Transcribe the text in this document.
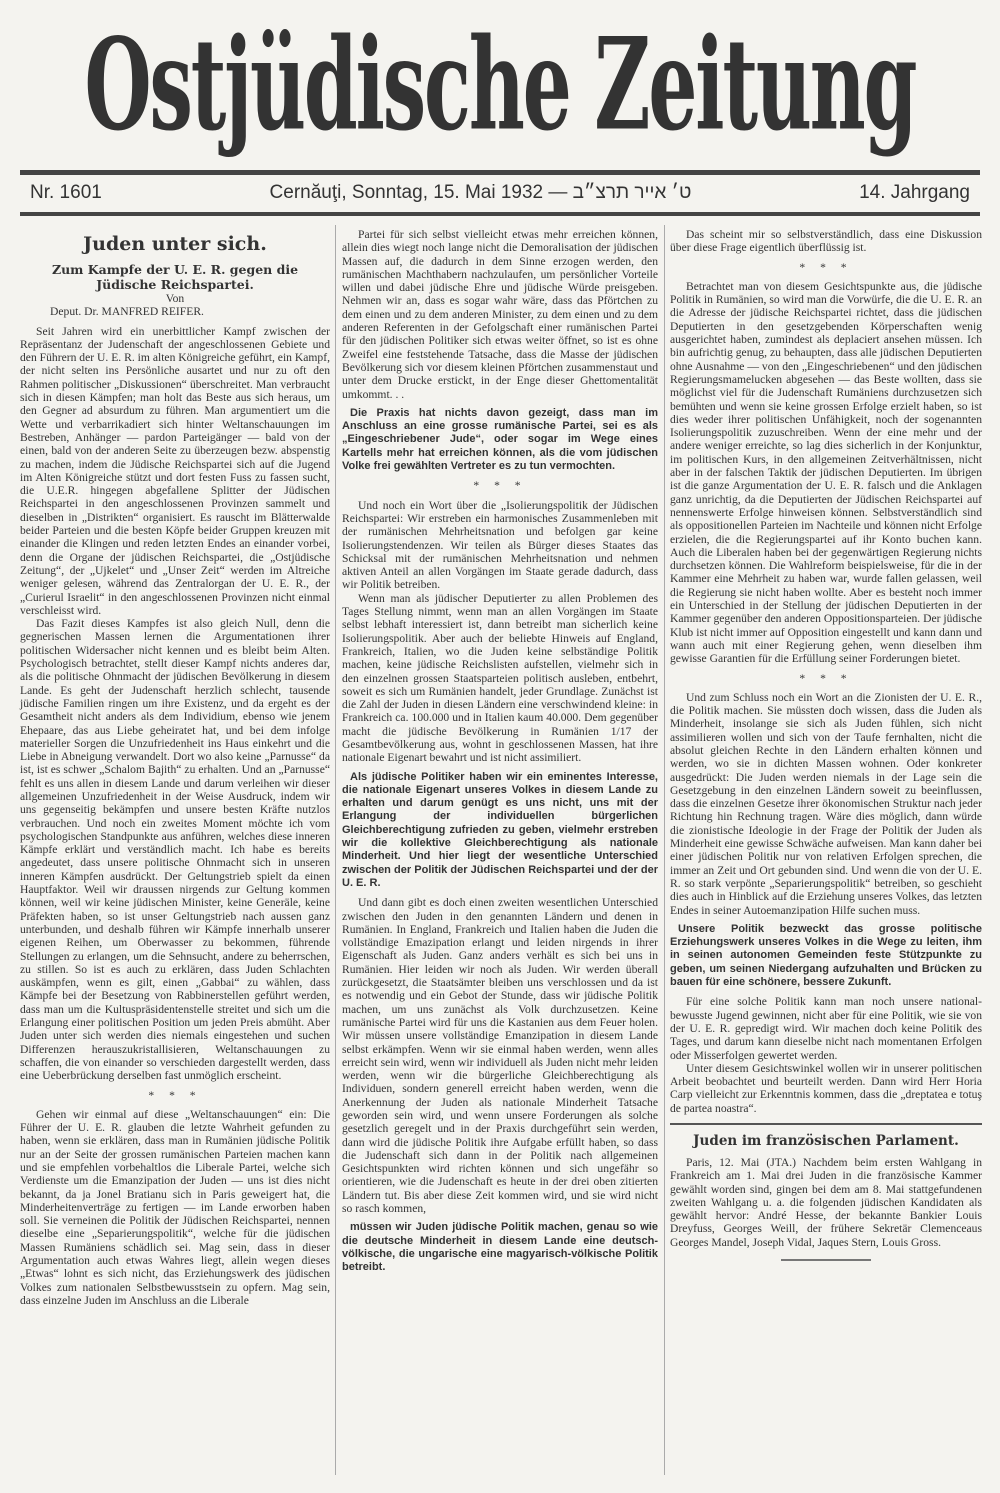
Ostjüdische Zeitung
Nr. 1601	Cernăuţi, Sonntag, 15. Mai 1932 — ט׳ אייר תרצ״ב	14. Jahrgang

Juden unter sich.

Zum Kampfe der U. E. R. gegen die Jüdische Reichspartei.

Von

Deput. Dr. MANFRED REIFER.

Seit Jahren wird ein unerbittlicher Kampf zwischen der Repräsentanz der Judenschaft der angeschlossenen Gebiete und den Führern der U. E. R. im alten Königreiche geführt, ein Kampf, der nicht selten ins Persönliche ausartet und nur zu oft den Rahmen politischer „Diskussionen“ überschreitet. Man verbraucht sich in diesen Kämpfen; man holt das Beste aus sich heraus, um den Gegner ad absurdum zu führen. Man argumentiert um die Wette und verbarrikadiert sich hinter Weltanschauungen im Bestreben, Anhänger — pardon Parteigänger — bald von der einen, bald von der anderen Seite zu überzeugen bezw. abspenstig zu machen, indem die Jüdische Reichspartei sich auf die Jugend im Alten Königreiche stützt und dort festen Fuss zu fassen sucht, die U.E.R. hingegen abgefallene Splitter der Jüdischen Reichspartei in den angeschlossenen Provinzen sammelt und dieselben in „Distrikten“ organisiert. Es rauscht im Blätterwalde beider Parteien und die besten Köpfe beider Gruppen kreuzen mit einander die Klingen und reden letzten Endes an einander vorbei, denn die Organe der jüdischen Reichspartei, die „Ostjüdische Zeitung“, der „Ujkelet“ und „Unser Zeit“ werden im Altreiche weniger gelesen, während das Zentralorgan der U. E. R., der „Curierul Israelit“ in den angeschlossenen Provinzen nicht einmal verschleisst wird.

Das Fazit dieses Kampfes ist also gleich Null, denn die gegnerischen Massen lernen die Argumentationen ihrer politischen Widersacher nicht kennen und es bleibt beim Alten. Psychologisch betrachtet, stellt dieser Kampf nichts anderes dar, als die politische Ohnmacht der jüdischen Bevölkerung in diesem Lande. Es geht der Judenschaft herzlich schlecht, tausende jüdische Familien ringen um ihre Existenz, und da ergeht es der Gesamtheit nicht anders als dem Individium, ebenso wie jenem Ehepaare, das aus Liebe geheiratet hat, und bei dem infolge materieller Sorgen die Unzufriedenheit ins Haus einkehrt und die Liebe in Abneigung verwandelt. Dort wo also keine „Parnusse“ da ist, ist es schwer „Schalom Bajith“ zu erhalten. Und an „Parnusse“ fehlt es uns allen in diesem Lande und darum verleihen wir dieser allgemeinen Unzufriedenheit in der Weise Ausdruck, indem wir uns gegenseitig bekämpfen und unsere besten Kräfte nutzlos verbrauchen. Und noch ein zweites Moment möchte ich vom psychologischen Standpunkte aus anführen, welches diese inneren Kämpfe erklärt und verständlich macht. Ich habe es bereits angedeutet, dass unsere politische Ohnmacht sich in unseren inneren Kämpfen ausdrückt. Der Geltungstrieb spielt da einen Hauptfaktor. Weil wir draussen nirgends zur Geltung kommen können, weil wir keine jüdischen Minister, keine Generäle, keine Präfekten haben, so ist unser Geltungstrieb nach aussen ganz unterbunden, und deshalb führen wir Kämpfe innerhalb unserer eigenen Reihen, um Oberwasser zu bekommen, führende Stellungen zu erlangen, um die Sehnsucht, andere zu beherrschen, zu stillen. So ist es auch zu erklären, dass Juden Schlachten auskämpfen, wenn es gilt, einen „Gabbai“ zu wählen, dass Kämpfe bei der Besetzung von Rabbinerstellen geführt werden, dass man um die Kultuspräsidentenstelle streitet und sich um die Erlangung einer politischen Position um jeden Preis abmüht. Aber Juden unter sich werden dies niemals eingestehen und suchen Differenzen herauszukristallisieren, Weltanschauungen zu schaffen, die von einander so verschieden dargestellt werden, dass eine Ueberbrückung derselben fast unmöglich erscheint.

* * *

Gehen wir einmal auf diese „Weltanschauungen“ ein: Die Führer der U. E. R. glauben die letzte Wahrheit gefunden zu haben, wenn sie erklären, dass man in Rumänien jüdische Politik nur an der Seite der grossen rumänischen Parteien machen kann und sie empfehlen vorbehaltlos die Liberale Partei, welche sich Verdienste um die Emanzipation der Juden — uns ist dies nicht bekannt, da ja Jonel Bratianu sich in Paris geweigert hat, die Minderheitenverträge zu fertigen — im Lande erworben haben soll. Sie verneinen die Politik der Jüdischen Reichspartei, nennen dieselbe eine „Separierungspolitik“, welche für die jüdischen Massen Rumäniens schädlich sei. Mag sein, dass in dieser Argumentation auch etwas Wahres liegt, allein wegen dieses „Etwas“ lohnt es sich nicht, das Erziehungswerk des jüdischen Volkes zum nationalen Selbstbewusstsein zu opfern. Mag sein, dass einzelne Juden im Anschluss an die Liberale

Partei für sich selbst vielleicht etwas mehr erreichen können, allein dies wiegt noch lange nicht die Demoralisation der jüdischen Massen auf, die dadurch in dem Sinne erzogen werden, den rumänischen Machthabern nachzulaufen, um persönlicher Vorteile willen und dabei jüdische Ehre und jüdische Würde preisgeben. Nehmen wir an, dass es sogar wahr wäre, dass das Pförtchen zu dem einen und zu dem anderen Minister, zu dem einen und zu dem anderen Referenten in der Gefolgschaft einer rumänischen Partei für den jüdischen Politiker sich etwas weiter öffnet, so ist es ohne Zweifel eine feststehende Tatsache, dass die Masse der jüdischen Bevölkerung sich vor diesem kleinen Pförtchen zusammenstaut und unter dem Drucke erstickt, in der Enge dieser Ghettomentalität umkommt. . .

Die Praxis hat nichts davon gezeigt, dass man im Anschluss an eine grosse rumänische Partei, sei es als „Eingeschriebener Jude“, oder sogar im Wege eines Kartells mehr hat erreichen können, als die vom jüdischen Volke frei gewählten Vertreter es zu tun vermochten.

* * *

Und noch ein Wort über die „Isolierungspolitik der Jüdischen Reichspartei: Wir erstreben ein harmonisches Zusammenleben mit der rumänischen Mehrheitsnation und befolgen gar keine Isolierungstendenzen. Wir teilen als Bürger dieses Staates das Schicksal mit der rumänischen Mehrheitsnation und nehmen aktiven Anteil an allen Vorgängen im Staate gerade dadurch, dass wir Politik betreiben.

Wenn man als jüdischer Deputierter zu allen Problemen des Tages Stellung nimmt, wenn man an allen Vorgängen im Staate selbst lebhaft interessiert ist, dann betreibt man sicherlich keine Isolierungspolitik. Aber auch der beliebte Hinweis auf England, Frankreich, Italien, wo die Juden keine selbständige Politik machen, keine jüdische Reichslisten aufstellen, vielmehr sich in den einzelnen grossen Staatsparteien politisch ausleben, entbehrt, soweit es sich um Rumänien handelt, jeder Grundlage. Zunächst ist die Zahl der Juden in diesen Ländern eine verschwindend kleine: in Frankreich ca. 100.000 und in Italien kaum 40.000. Dem gegenüber macht die jüdische Bevölkerung in Rumänien 1/17 der Gesamtbevölkerung aus, wohnt in geschlossenen Massen, hat ihre nationale Eigenart bewahrt und ist nicht assimiliert.

Als jüdische Politiker haben wir ein eminentes Interesse, die nationale Eigenart unseres Volkes in diesem Lande zu erhalten und darum genügt es uns nicht, uns mit der Erlangung der individuellen bürgerlichen Gleichberechtigung zufrieden zu geben, vielmehr erstreben wir die kollektive Gleichberechtigung als nationale Minderheit. Und hier liegt der wesentliche Unterschied zwischen der Politik der Jüdischen Reichspartei und der der U. E. R.

Und dann gibt es doch einen zweiten wesentlichen Unterschied zwischen den Juden in den genannten Ländern und denen in Rumänien. In England, Frankreich und Italien haben die Juden die vollständige Emazipation erlangt und leiden nirgends in ihrer Eigenschaft als Juden. Ganz anders verhält es sich bei uns in Rumänien. Hier leiden wir noch als Juden. Wir werden überall zurückgesetzt, die Staatsämter bleiben uns verschlossen und da ist es notwendig und ein Gebot der Stunde, dass wir jüdische Politik machen, um uns zunächst als Volk durchzusetzen. Keine rumänische Partei wird für uns die Kastanien aus dem Feuer holen. Wir müssen unsere vollständige Emanzipation in diesem Lande selbst erkämpfen. Wenn wir sie einmal haben werden, wenn alles erreicht sein wird, wenn wir individuell als Juden nicht mehr leiden werden, wenn wir die bürgerliche Gleichberechtigung als Individuen, sondern generell erreicht haben werden, wenn die Anerkennung der Juden als nationale Minderheit Tatsache geworden sein wird, und wenn unsere Forderungen als solche gesetzlich geregelt und in der Praxis durchgeführt sein werden, dann wird die jüdische Politik ihre Aufgabe erfüllt haben, so dass die Judenschaft sich dann in der Politik nach allgemeinen Gesichtspunkten wird richten können und sich ungefähr so orientieren, wie die Judenschaft es heute in der drei oben zitierten Ländern tut. Bis aber diese Zeit kommen wird, und sie wird nicht so rasch kommen,

müssen wir Juden jüdische Politik machen, genau so wie die deutsche Minderheit in diesem Lande eine deutsch-völkische, die ungarische eine magyarisch-völkische Politik betreibt.

Das scheint mir so selbstverständlich, dass eine Diskussion über diese Frage eigentlich überflüssig ist.

* * *

Betrachtet man von diesem Gesichtspunkte aus, die jüdische Politik in Rumänien, so wird man die Vorwürfe, die die U. E. R. an die Adresse der jüdische Reichspartei richtet, dass die jüdischen Deputierten in den gesetzgebenden Körperschaften wenig ausgerichtet haben, zumindest als deplaciert ansehen müssen. Ich bin aufrichtig genug, zu behaupten, dass alle jüdischen Deputierten ohne Ausnahme — von den „Eingeschriebenen“ und den jüdischen Regierungsmamelucken abgesehen — das Beste wollten, dass sie möglichst viel für die Judenschaft Rumäniens durchzusetzen sich bemühten und wenn sie keine grossen Erfolge erzielt haben, so ist dies weder ihrer politischen Unfähigkeit, noch der sogenannten Isolierungspolitik zuzuschreiben. Wenn der eine mehr und der andere weniger erreichte, so lag dies sicherlich in der Konjunktur, im politischen Kurs, in den allgemeinen Zeitverhältnissen, nicht aber in der falschen Taktik der jüdischen Deputierten. Im übrigen ist die ganze Argumentation der U. E. R. falsch und die Anklagen ganz unrichtig, da die Deputierten der Jüdischen Reichspartei auf nennenswerte Erfolge hinweisen können. Selbstverständlich sind als oppositionellen Parteien im Nachteile und können nicht Erfolge erzielen, die die Regierungspartei auf ihr Konto buchen kann. Auch die Liberalen haben bei der gegenwärtigen Regierung nichts durchsetzen können. Die Wahlreform beispielsweise, für die in der Kammer eine Mehrheit zu haben war, wurde fallen gelassen, weil die Regierung sie nicht haben wollte. Aber es besteht noch immer ein Unterschied in der Stellung der jüdischen Deputierten in der Kammer gegenüber den anderen Oppositionsparteien. Der jüdische Klub ist nicht immer auf Opposition eingestellt und kann dann und wann auch mit einer Regierung gehen, wenn dieselben ihm gewisse Garantien für die Erfüllung seiner Forderungen bietet.

* * *

Und zum Schluss noch ein Wort an die Zionisten der U. E. R., die Politik machen. Sie müssten doch wissen, dass die Juden als Minderheit, insolange sie sich als Juden fühlen, sich nicht assimilieren wollen und sich von der Taufe fernhalten, nicht die absolut gleichen Rechte in den Ländern erhalten können und werden, wo sie in dichten Massen wohnen. Oder konkreter ausgedrückt: Die Juden werden niemals in der Lage sein die Gesetzgebung in den einzelnen Ländern soweit zu beeinflussen, dass die einzelnen Gesetze ihrer ökonomischen Struktur nach jeder Richtung hin Rechnung tragen. Wäre dies möglich, dann würde die zionistische Ideologie in der Frage der Politik der Juden als Minderheit eine gewisse Schwäche aufweisen. Man kann daher bei einer jüdischen Politik nur von relativen Erfolgen sprechen, die immer an Zeit und Ort gebunden sind. Und wenn die von der U. E. R. so stark verpönte „Separierungspolitik“ betreiben, so geschieht dies auch in Hinblick auf die Erziehung unseres Volkes, das letzten Endes in seiner Autoemanzipation Hilfe suchen muss.

Unsere Politik bezweckt das grosse politische Erziehungswerk unseres Volkes in die Wege zu leiten, ihm in seinen autonomen Gemeinden feste Stützpunkte zu geben, um seinen Niedergang aufzuhalten und Brücken zu bauen für eine schönere, bessere Zukunft.

Für eine solche Politik kann man noch unsere national-bewusste Jugend gewinnen, nicht aber für eine Politik, wie sie von der U. E. R. gepredigt wird. Wir machen doch keine Politik des Tages, und darum kann dieselbe nicht nach momentanen Erfolgen oder Misserfolgen gewertet werden.

Unter diesem Gesichtswinkel wollen wir in unserer politischen Arbeit beobachtet und beurteilt werden. Dann wird Herr Horia Carp vielleicht zur Erkenntnis kommen, dass die „dreptatea e totuş de partea noastra“.

Juden im französischen Parlament.

Paris, 12. Mai (JTA.) Nachdem beim ersten Wahlgang in Frankreich am 1. Mai drei Juden in die französische Kammer gewählt worden sind, gingen bei dem am 8. Mai stattgefundenen zweiten Wahlgang u. a. die folgenden jüdischen Kandidaten als gewählt hervor: André Hesse, der bekannte Bankier Louis Dreyfuss, Georges Weill, der frühere Sekretär Clemenceaus Georges Mandel, Joseph Vidal, Jaques Stern, Louis Gross.
